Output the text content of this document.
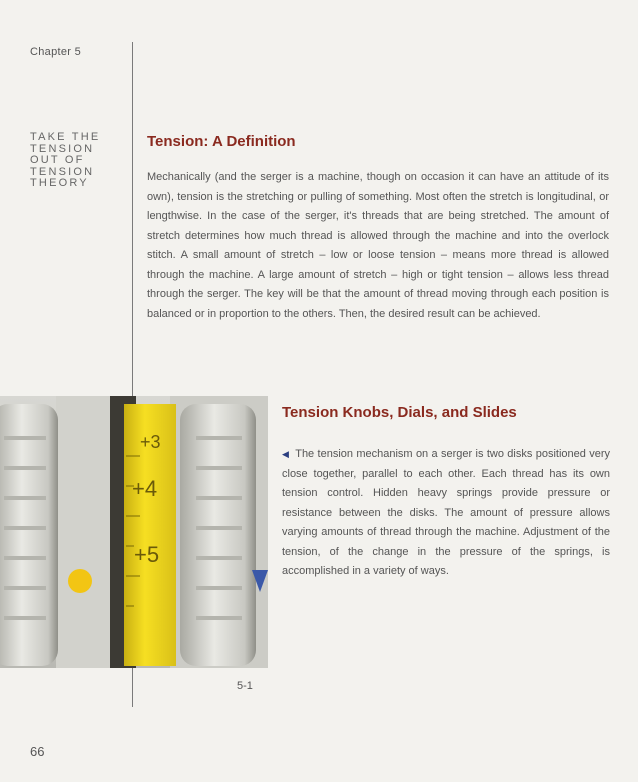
Chapter 5
TAKE THE
TENSION
OUT OF
TENSION
THEORY
Tension: A Definition
Mechanically (and the serger is a machine, though on occasion it can have an attitude of its own), tension is the stretching or pulling of something. Most often the stretch is longitudinal, or lengthwise. In the case of the serger, it's threads that are being stretched. The amount of stretch determines how much thread is allowed through the machine and into the overlock stitch. A small amount of stretch – low or loose tension – means more thread is allowed through the machine. A large amount of stretch – high or tight tension – allows less thread through the serger. The key will be that the amount of thread moving through each position is balanced or in proportion to the others. Then, the desired result can be achieved.
+3
+4
+5
Tension Knobs, Dials, and Slides
◀ The tension mechanism on a serger is two disks positioned very close together, parallel to each other. Each thread has its own tension control. Hidden heavy springs provide pressure or resistance between the disks. The amount of pressure allows varying amounts of thread through the machine. Adjustment of the tension, of the change in the pressure of the springs, is accomplished in a variety of ways.
5-1
66
